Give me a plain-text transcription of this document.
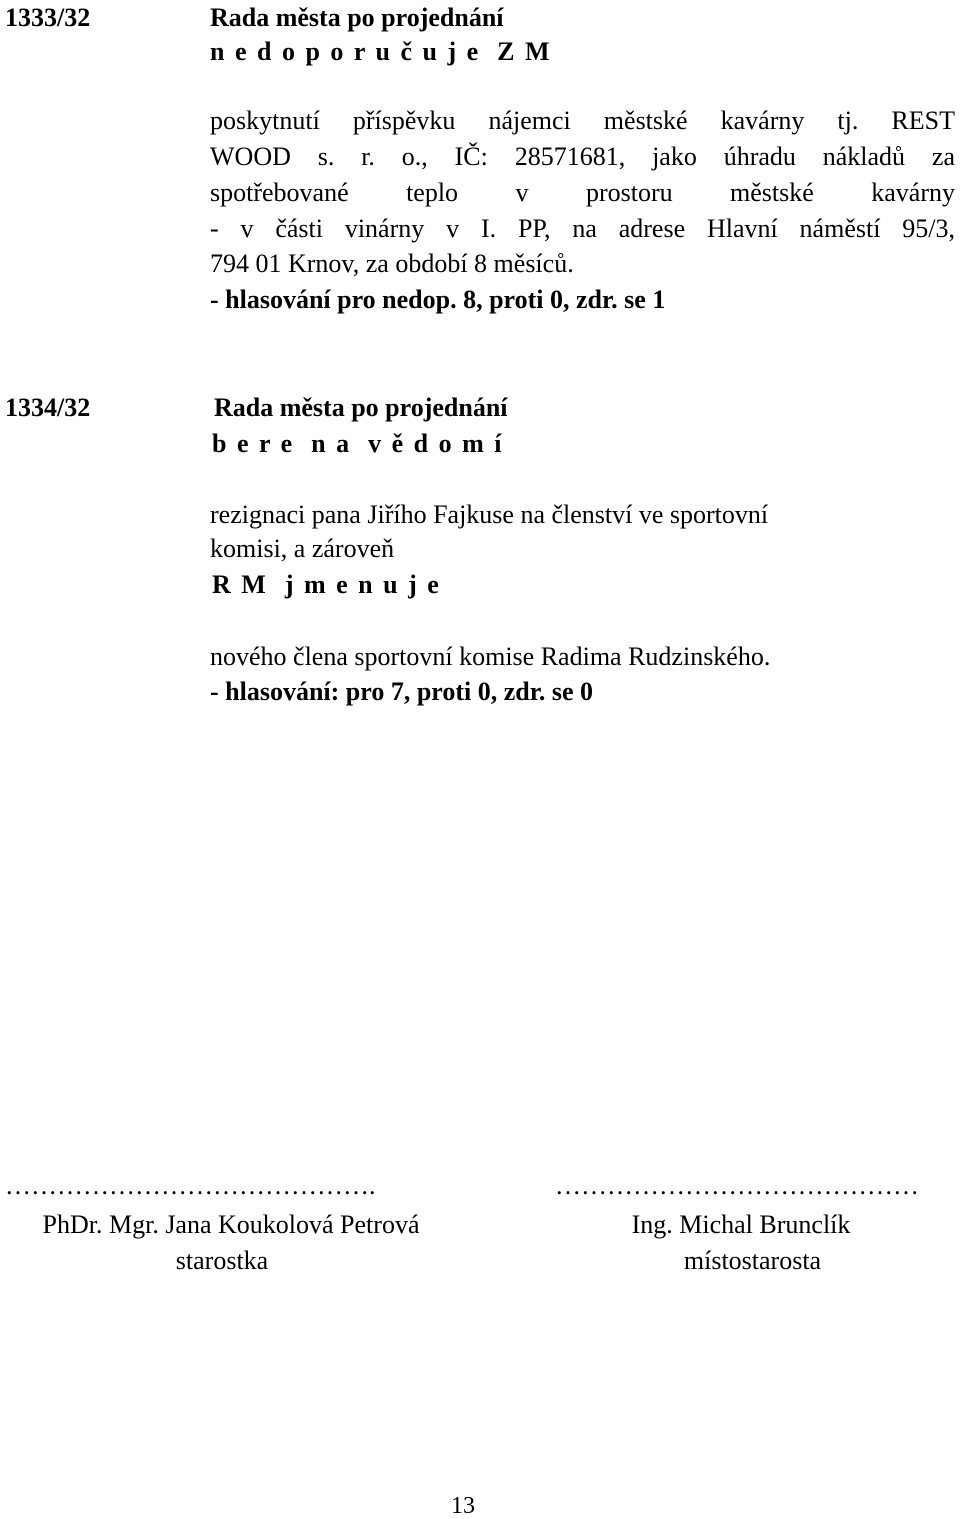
1333/32	Rada města po projednání
n e d o p o r u č u j e  Z M
poskytnutí příspěvku nájemci městské kavárny tj. REST
WOOD s. r. o., IČ: 28571681, jako úhradu nákladů za
spotřebované teplo v prostoru městské kavárny
- v části vinárny v I. PP, na adrese Hlavní náměstí 95/3,
794 01 Krnov, za období 8 měsíců.
- hlasování pro nedop. 8, proti 0, zdr. se 1
1334/32	Rada města po projednání
b e r e  n a  v ě d o m í
rezignaci pana Jiřího Fajkuse na členství ve sportovní
komisi, a zároveň
R M  j m e n u j e
nového člena sportovní komise Radima Rudzinského.
- hlasování: pro 7, proti 0, zdr. se 0
…………………………………….
PhDr. Mgr. Jana Koukolová Petrová
starostka
……………………………………
Ing. Michal Brunclík
místostarosta
13
